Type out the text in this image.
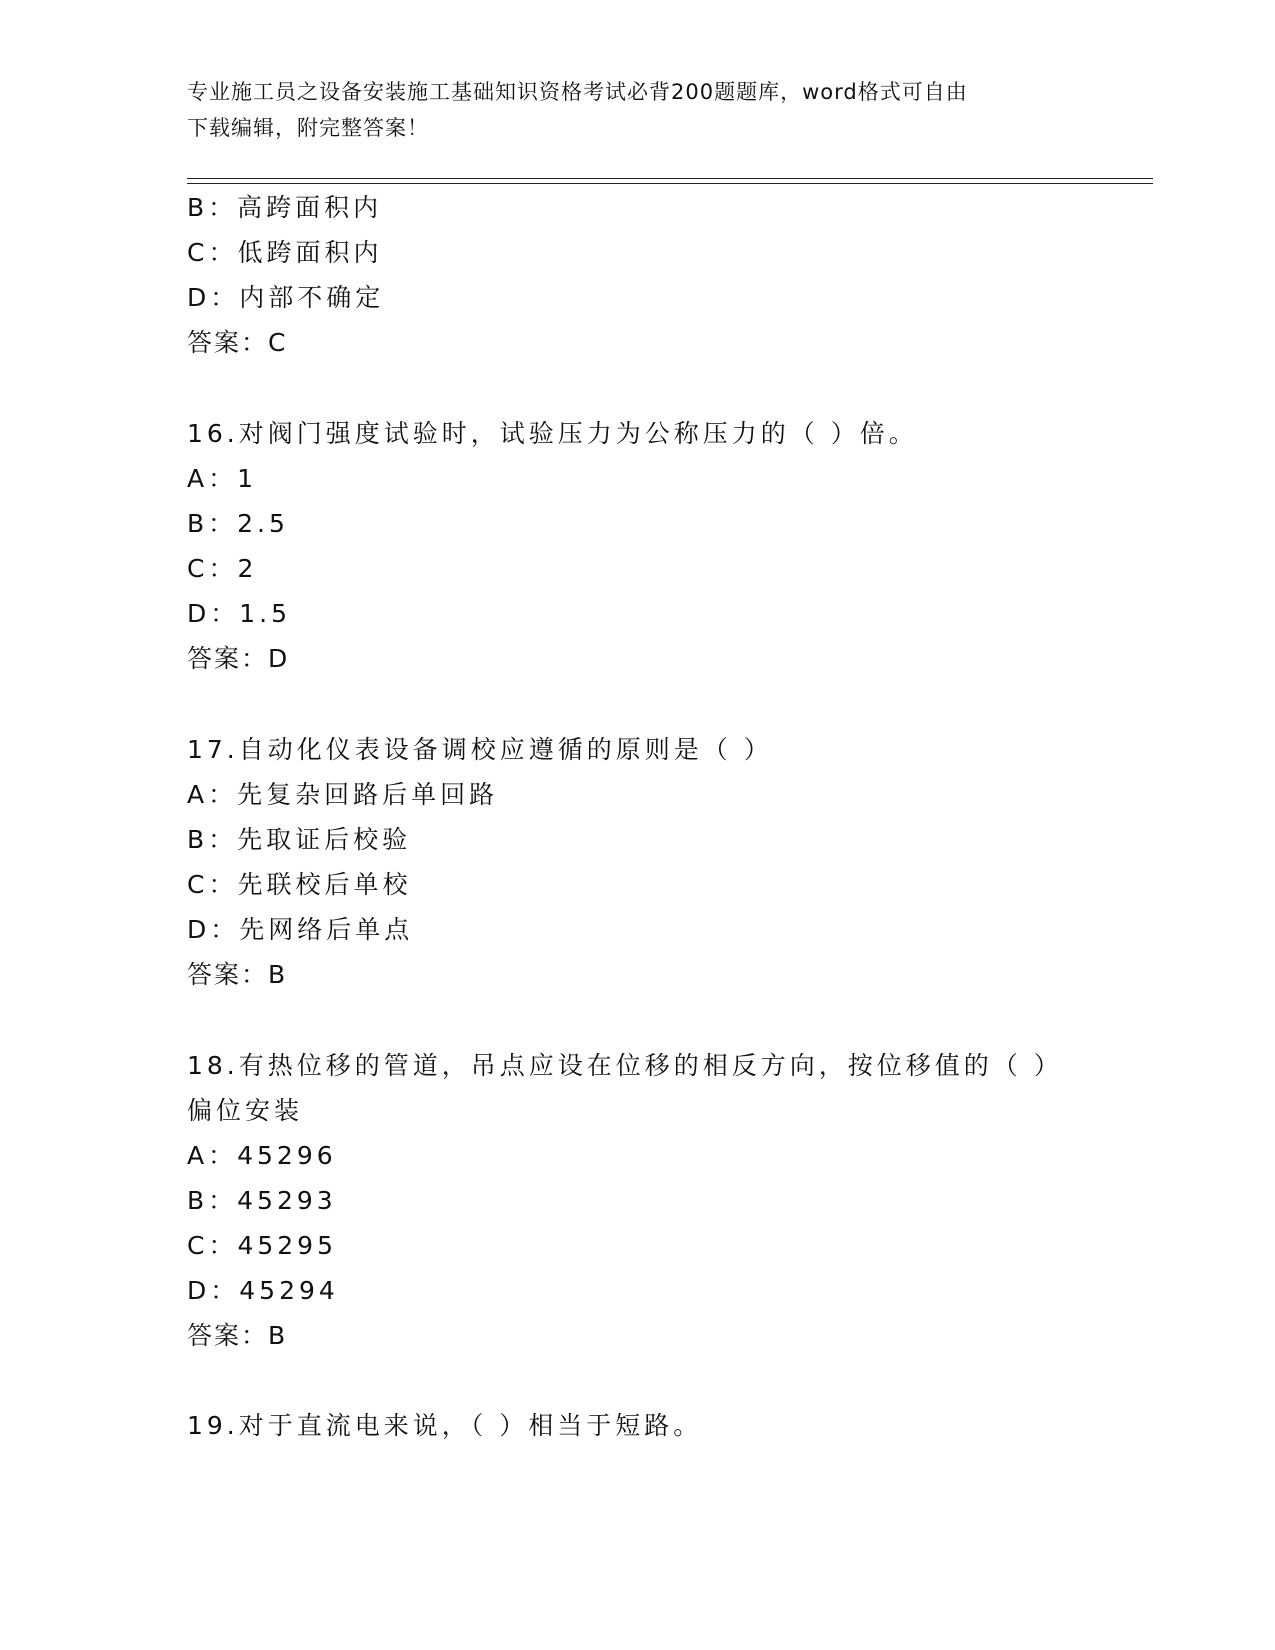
专业施工员之设备安装施工基础知识资格考试必背200题题库，word格式可自由
下载编辑，附完整答案！
B：高跨面积内
C：低跨面积内
D：内部不确定
答案：C
16.对阀门强度试验时，试验压力为公称压力的（ ）倍。
A：1
B：2.5
C：2
D：1.5
答案：D
17.自动化仪表设备调校应遵循的原则是（ ）
A：先复杂回路后单回路
B：先取证后校验
C：先联校后单校
D：先网络后单点
答案：B
18.有热位移的管道，吊点应设在位移的相反方向，按位移值的（ ）
偏位安装
A：45296
B：45293
C：45295
D：45294
答案：B
19.对于直流电来说，（ ）相当于短路。
